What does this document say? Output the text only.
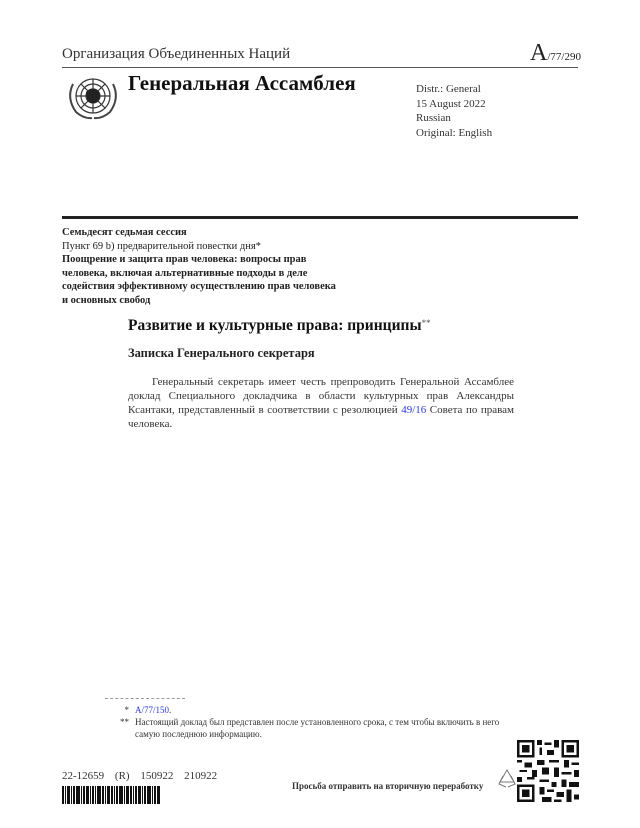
Организация Объединенных Наций	A/77/290
Генеральная Ассамблея	Distr.: General
15 August 2022
Russian
Original: English
Семьдесят седьмая сессия
Пункт 69 b) предварительной повестки дня*
Поощрение и защита прав человека: вопросы прав человека, включая альтернативные подходы в деле содействия эффективному осуществлению прав человека и основных свобод
Развитие и культурные права: принципы**
Записка Генерального секретаря
Генеральный секретарь имеет честь препроводить Генеральной Ассамблее доклад Специального докладчика в области культурных прав Александры Ксантаки, представленный в соответствии с резолюцией 49/16 Совета по правам человека.
* A/77/150.
** Настоящий доклад был представлен после установленного срока, с тем чтобы включить в него самую последнюю информацию.
22-12659 (R) 150922 210922
Просьба отправить на вторичную переработку
